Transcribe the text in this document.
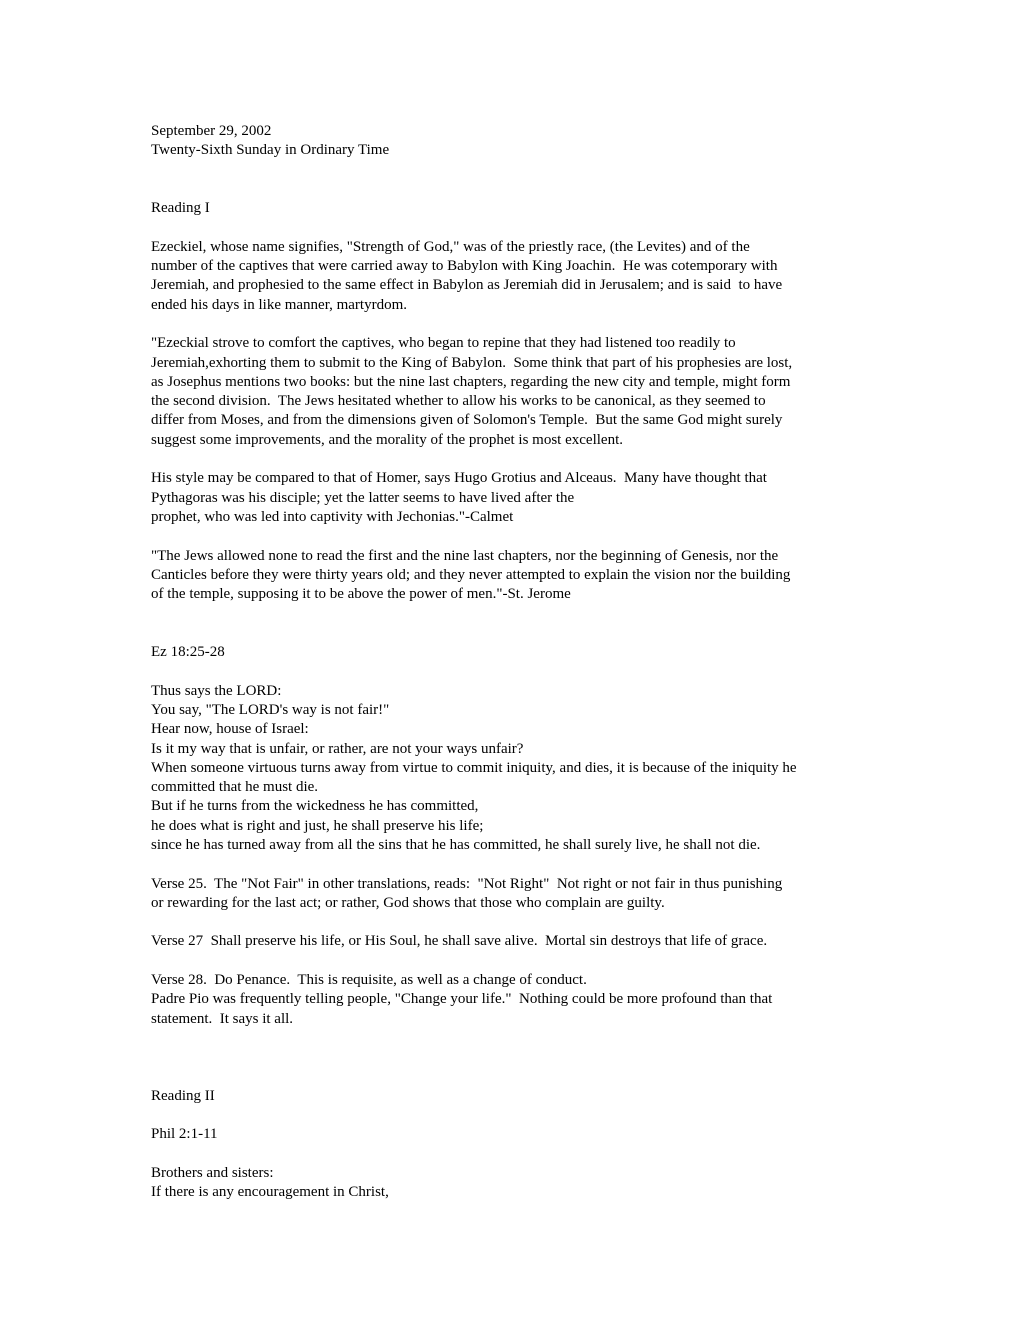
September 29, 2002
Twenty-Sixth Sunday in Ordinary Time
Reading I
Ezeckiel, whose name signifies, "Strength of God," was of the priestly race, (the Levites) and of the
number of the captives that were carried away to Babylon with King Joachin.  He was cotemporary with
Jeremiah, and prophesied to the same effect in Babylon as Jeremiah did in Jerusalem; and is said  to have
ended his days in like manner, martyrdom.
"Ezeckial strove to comfort the captives, who began to repine that they had listened too readily to
Jeremiah,exhorting them to submit to the King of Babylon.  Some think that part of his prophesies are lost,
as Josephus mentions two books: but the nine last chapters, regarding the new city and temple, might form
the second division.  The Jews hesitated whether to allow his works to be canonical, as they seemed to
differ from Moses, and from the dimensions given of Solomon's Temple.  But the same God might surely
suggest some improvements, and the morality of the prophet is most excellent.
His style may be compared to that of Homer, says Hugo Grotius and Alceaus.  Many have thought that
Pythagoras was his disciple; yet the latter seems to have lived after the
prophet, who was led into captivity with Jechonias."-Calmet
"The Jews allowed none to read the first and the nine last chapters, nor the beginning of Genesis, nor the
Canticles before they were thirty years old; and they never attempted to explain the vision nor the building
of the temple, supposing it to be above the power of men."-St. Jerome
Ez 18:25-28
Thus says the LORD:
You say, "The LORD's way is not fair!"
Hear now, house of Israel:
Is it my way that is unfair, or rather, are not your ways unfair?
When someone virtuous turns away from virtue to commit iniquity, and dies, it is because of the iniquity he
committed that he must die.
But if he turns from the wickedness he has committed,
he does what is right and just, he shall preserve his life;
since he has turned away from all the sins that he has committed, he shall surely live, he shall not die.
Verse 25.  The "Not Fair" in other translations, reads:  "Not Right"  Not right or not fair in thus punishing
or rewarding for the last act; or rather, God shows that those who complain are guilty.
Verse 27  Shall preserve his life, or His Soul, he shall save alive.  Mortal sin destroys that life of grace.
Verse 28.  Do Penance.  This is requisite, as well as a change of conduct.
Padre Pio was frequently telling people, "Change your life."  Nothing could be more profound than that
statement.  It says it all.
Reading II
Phil 2:1-11
Brothers and sisters:
If there is any encouragement in Christ,
